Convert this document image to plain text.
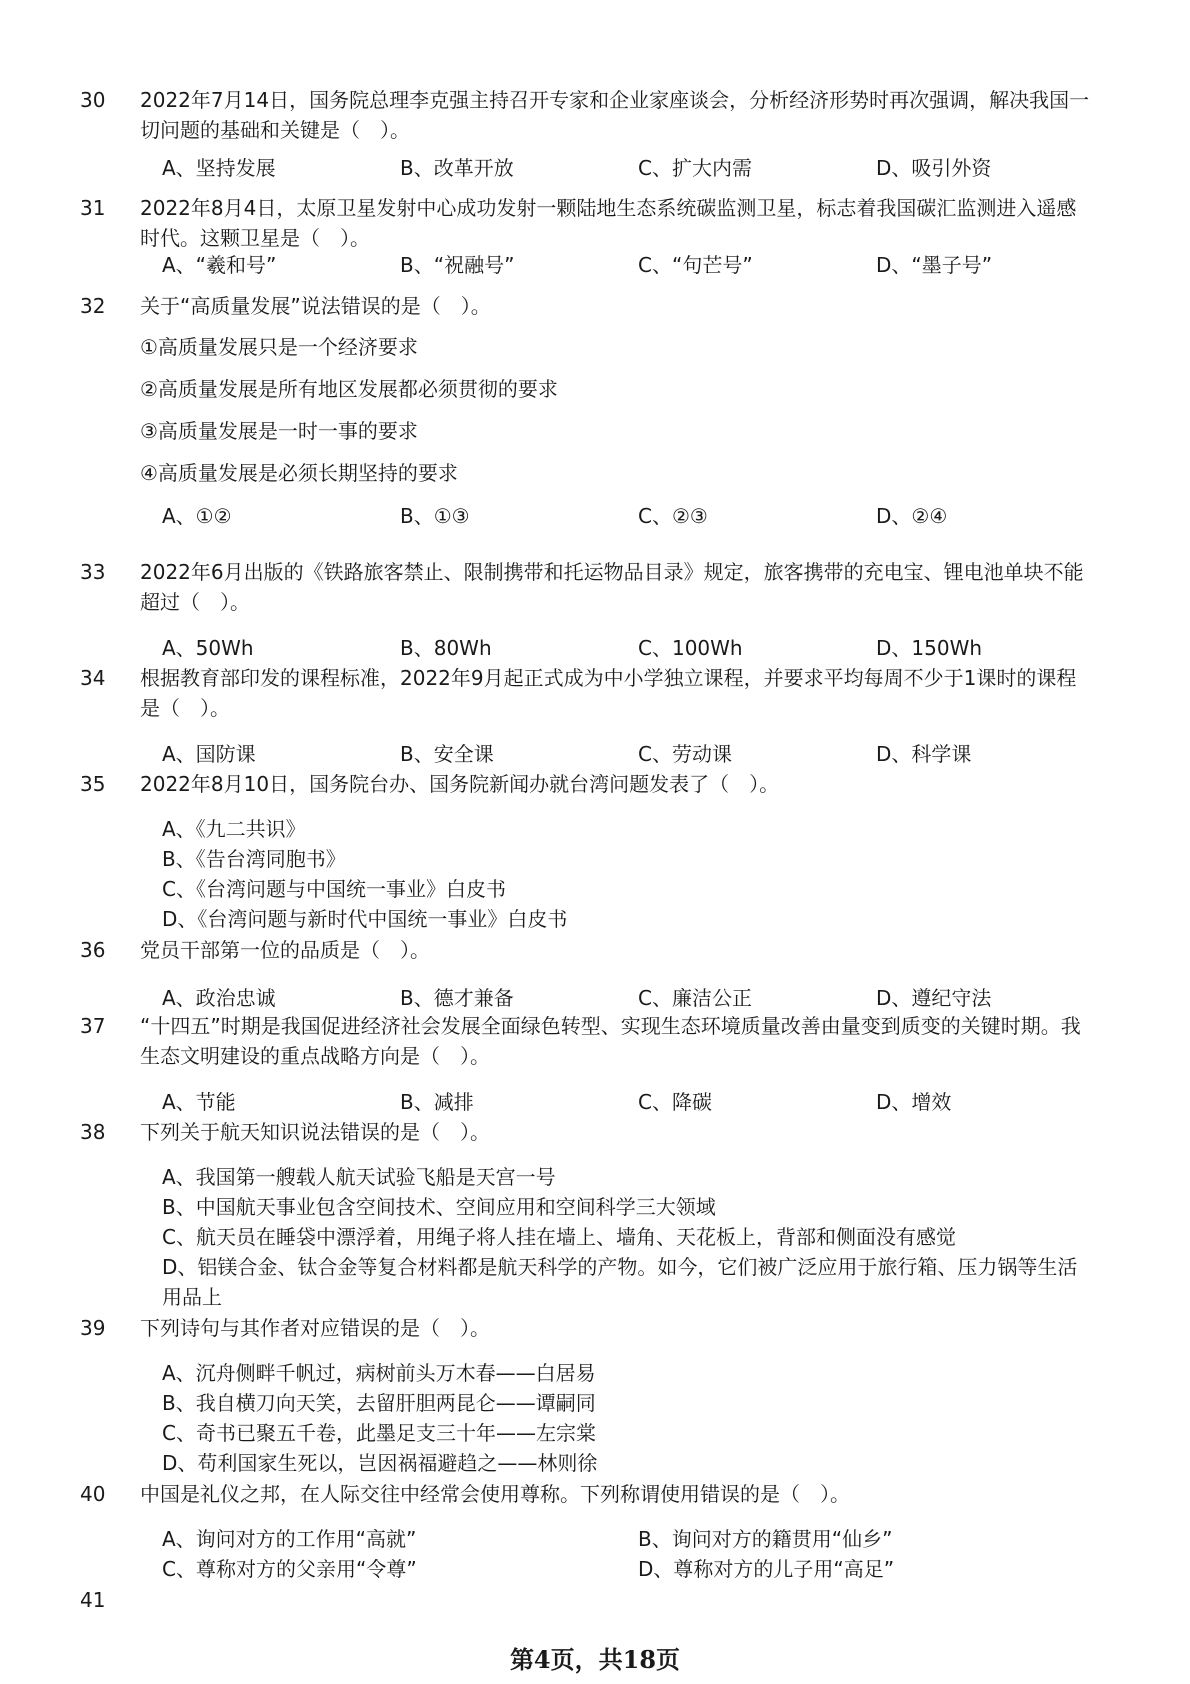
30 2022年7月14日，国务院总理李克强主持召开专家和企业家座谈会，分析经济形势时再次强调，解决我国一切问题的基础和关键是（　）。
A、坚持发展	B、改革开放	C、扩大内需	D、吸引外资
31 2022年8月4日，太原卫星发射中心成功发射一颗陆地生态系统碳监测卫星，标志着我国碳汇监测进入遥感时代。这颗卫星是（　）。
A、“羲和号”	B、“祝融号”	C、“句芒号”	D、“墨子号”
32 关于“高质量发展”说法错误的是（　）。
①高质量发展只是一个经济要求
②高质量发展是所有地区发展都必须贯彻的要求
③高质量发展是一时一事的要求
④高质量发展是必须长期坚持的要求
A、①②	B、①③	C、②③	D、②④
33 2022年6月出版的《铁路旅客禁止、限制携带和托运物品目录》规定，旅客携带的充电宝、锂电池单块不能超过（　）。
A、50Wh	B、80Wh	C、100Wh	D、150Wh
34 根据教育部印发的课程标准，2022年9月起正式成为中小学独立课程，并要求平均每周不少于1课时的课程是（　）。
A、国防课	B、安全课	C、劳动课	D、科学课
35 2022年8月10日，国务院台办、国务院新闻办就台湾问题发表了（　）。
A、《九二共识》
B、《告台湾同胞书》
C、《台湾问题与中国统一事业》白皮书
D、《台湾问题与新时代中国统一事业》白皮书
36 党员干部第一位的品质是（　）。
A、政治忠诚	B、德才兼备	C、廉洁公正	D、遵纪守法
37 “十四五”时期是我国促进经济社会发展全面绿色转型、实现生态环境质量改善由量变到质变的关键时期。我生态文明建设的重点战略方向是（　）。
A、节能	B、减排	C、降碳	D、增效
38 下列关于航天知识说法错误的是（　）。
A、我国第一艘载人航天试验飞船是天宫一号
B、中国航天事业包含空间技术、空间应用和空间科学三大领域
C、航天员在睡袋中漂浮着，用绳子将人挂在墙上、墙角、天花板上，背部和侧面没有感觉
D、铝镁合金、钛合金等复合材料都是航天科学的产物。如今，它们被广泛应用于旅行箱、压力锅等生活用品上
39 下列诗句与其作者对应错误的是（　）。
A、沉舟侧畔千帆过，病树前头万木春——白居易
B、我自横刀向天笑，去留肝胆两昆仑——谭嗣同
C、奇书已聚五千卷，此墨足支三十年——左宗棠
D、苟利国家生死以，岂因祸福避趋之——林则徐
40 中国是礼仪之邦，在人际交往中经常会使用尊称。下列称谓使用错误的是（　）。
A、询问对方的工作用“高就”	B、询问对方的籍贯用“仙乡”
C、尊称对方的父亲用“令尊”	D、尊称对方的儿子用“高足”
41
第4页，共18页
